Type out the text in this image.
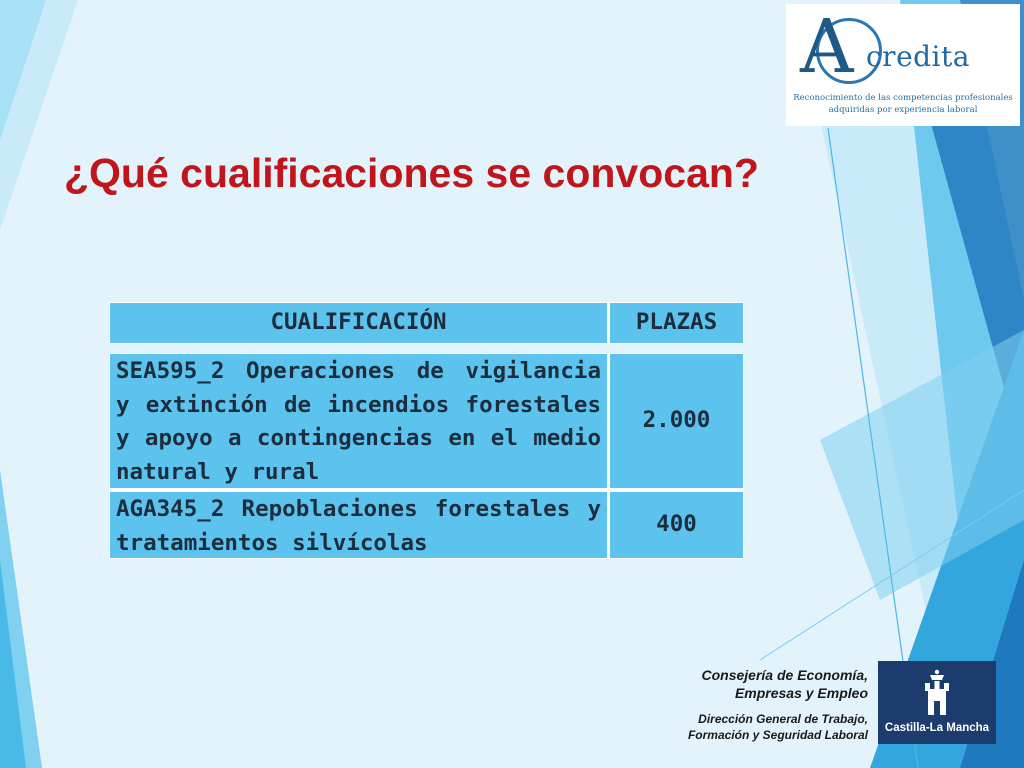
A credita
Reconocimiento de las competencias profesionales
adquiridas por experiencia laboral
¿Qué cualificaciones se convocan?
CUALIFICACIÓN	PLAZAS
SEA595_2 Operaciones de vigilancia y extinción de incendios forestales y apoyo a contingencias en el medio natural y rural
2.000
AGA345_2 Repoblaciones forestales y tratamientos silvícolas
400
Consejería de Economía,
Empresas y Empleo
Dirección General de Trabajo,
Formación y Seguridad Laboral	Castilla-La Mancha
